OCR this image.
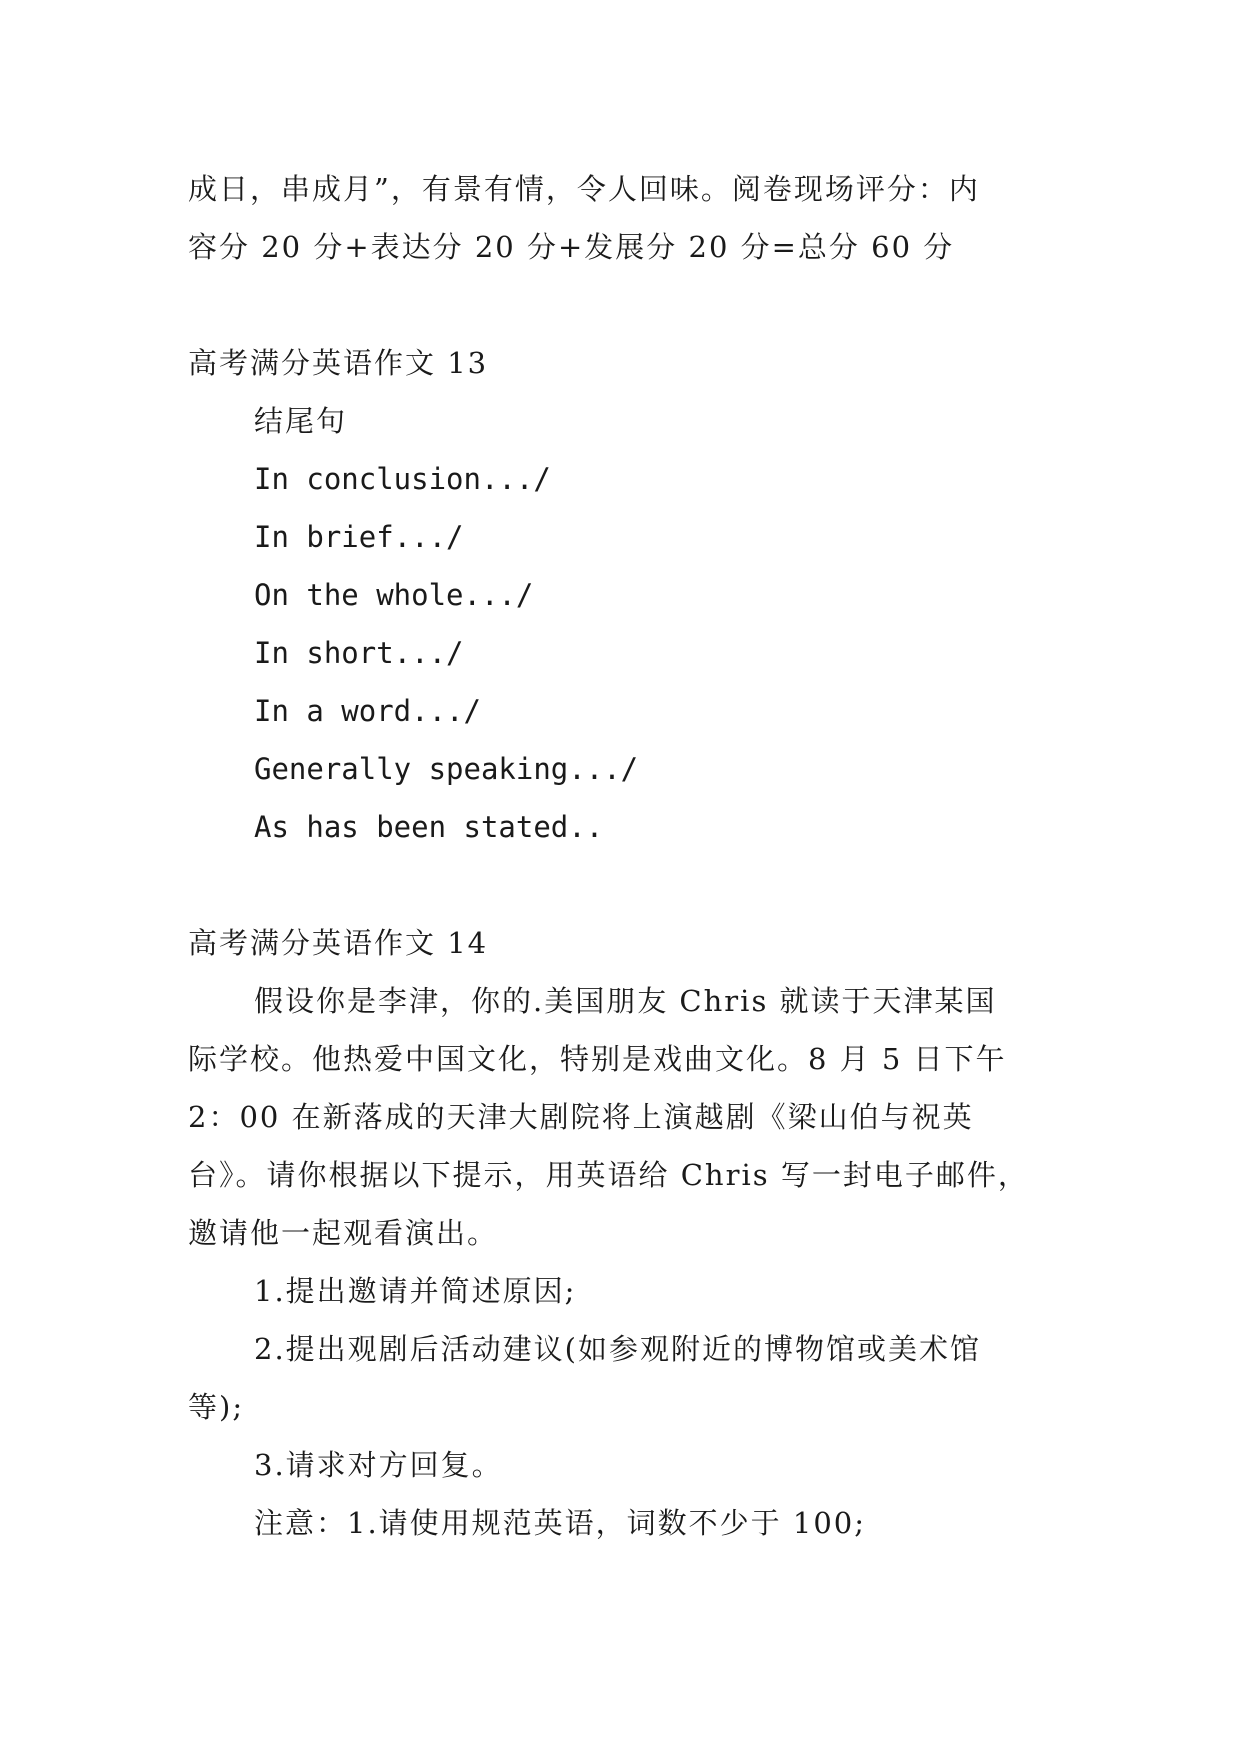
成日，串成月”，有景有情，令人回味。阅卷现场评分：内
容分 20 分+表达分 20 分+发展分 20 分=总分 60 分
高考满分英语作文 13
结尾句
In conclusion.../
In brief.../
On the whole.../
In short.../
In a word.../
Generally speaking.../
As has been stated..
高考满分英语作文 14
假设你是李津，你的.美国朋友 Chris 就读于天津某国
际学校。他热爱中国文化，特别是戏曲文化。8 月 5 日下午
2：00 在新落成的天津大剧院将上演越剧《梁山伯与祝英
台》。请你根据以下提示，用英语给 Chris 写一封电子邮件，
邀请他一起观看演出。
1.提出邀请并简述原因;
2.提出观剧后活动建议(如参观附近的博物馆或美术馆
等);
3.请求对方回复。
注意：1.请使用规范英语，词数不少于 100;
